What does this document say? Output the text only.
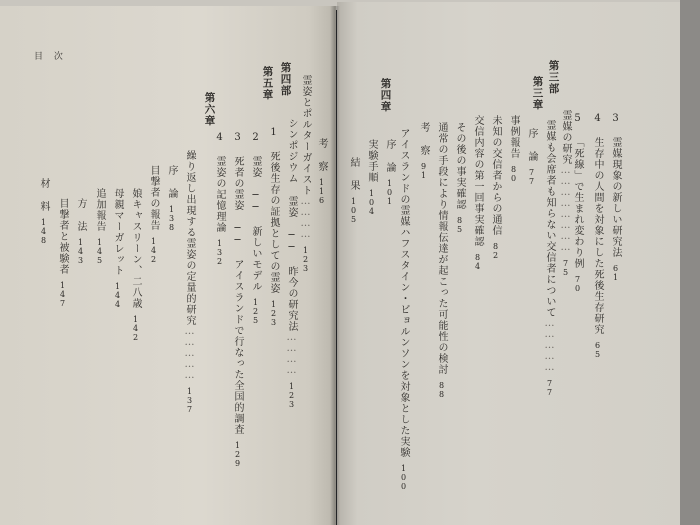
目 次
材 料148 目撃者と被験者147
方 法143
追加報告145 母親マーガレット144 娘キャスリーン、二八歳142
目撃者の報告142
序 論138 繰り返し出現する霊姿の定量的研究……………137
第六章
4 霊姿の記憶理論132 3 死者の霊姿 ── アイスランドで行なった全国的調査129
2 霊姿 ── 新しいモデル125
1 死後生存の証拠としての霊姿123 シンポジウム 霊姿 ── 昨今の研究法…………123
第五章	霊姿とポルターガイスト…………123
第四部
考 察116
結 果105
実験手順104
序 論101 アイスランドの霊媒ハフスタイン・ビョルンソンを対象とした実験100
第四章
考 察91 通常の手段により情報伝達が起こった可能性の検討88
その後の事実確認85 交信内容の第一回事実確認84
未知の交信者からの通信82
事例報告80
序 論77 霊媒も会席者も知らない交信者について……………77
第三章
霊媒の研究……………………75
第三部
5 「死線」で生まれ変わり例70 4 生存中の人間を対象にした死後生存研究65
3 霊媒現象の新しい研究法61
